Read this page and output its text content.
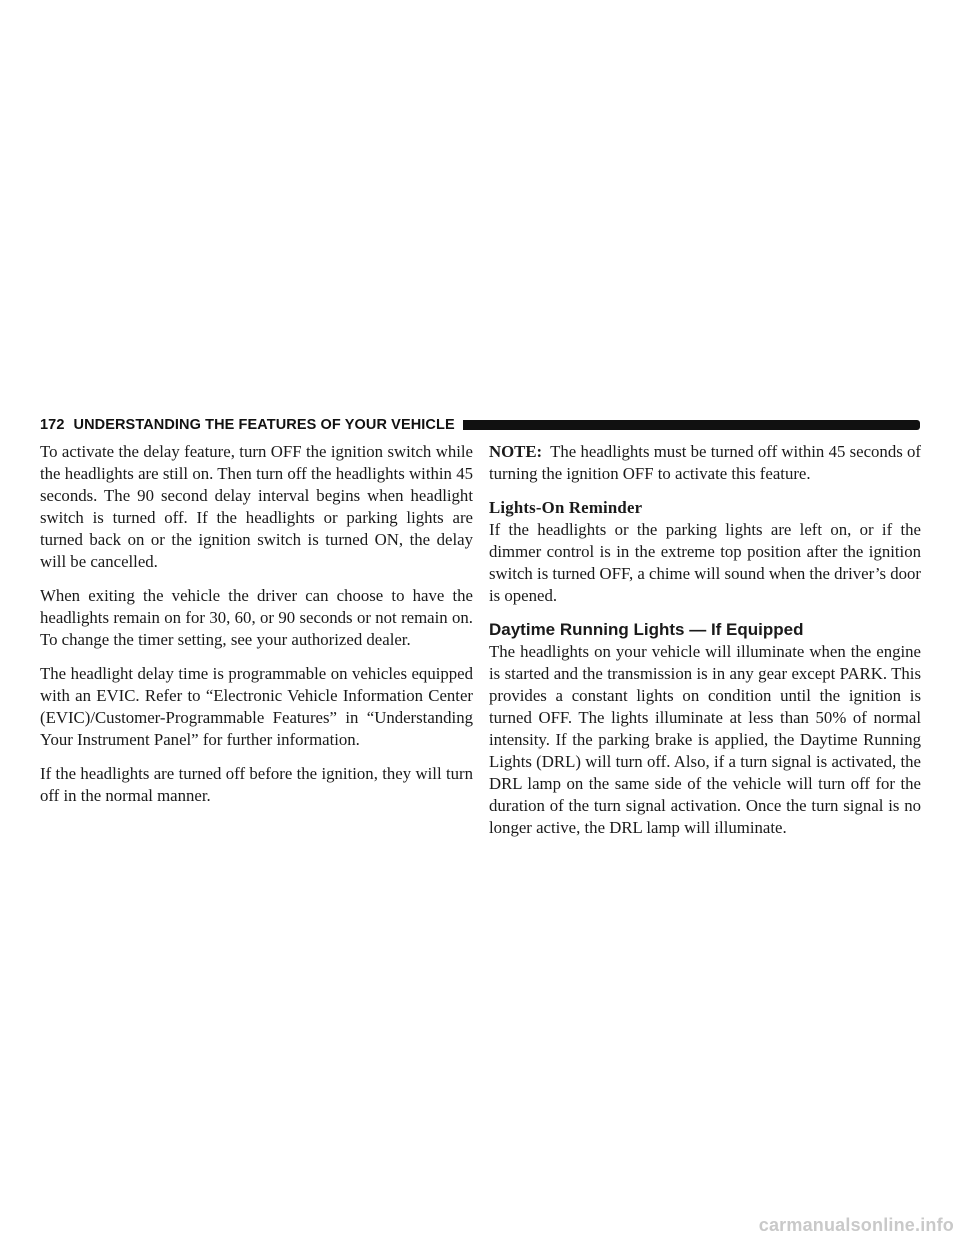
172 UNDERSTANDING THE FEATURES OF YOUR VEHICLE

To activate the delay feature, turn OFF the ignition switch while the headlights are still on. Then turn off the headlights within 45 seconds. The 90 second delay interval begins when headlight switch is turned off. If the headlights or parking lights are turned back on or the ignition switch is turned ON, the delay will be cancelled.

When exiting the vehicle the driver can choose to have the headlights remain on for 30, 60, or 90 seconds or not remain on. To change the timer setting, see your authorized dealer.

The headlight delay time is programmable on vehicles equipped with an EVIC. Refer to “Electronic Vehicle Information Center (EVIC)/Customer-Programmable Features” in “Understanding Your Instrument Panel” for further information.

If the headlights are turned off before the ignition, they will turn off in the normal manner.

NOTE: The headlights must be turned off within 45 seconds of turning the ignition OFF to activate this feature.

Lights-On Reminder

If the headlights or the parking lights are left on, or if the dimmer control is in the extreme top position after the ignition switch is turned OFF, a chime will sound when the driver’s door is opened.

Daytime Running Lights — If Equipped

The headlights on your vehicle will illuminate when the engine is started and the transmission is in any gear except PARK. This provides a constant lights on condition until the ignition is turned OFF. The lights illuminate at less than 50% of normal intensity. If the parking brake is applied, the Daytime Running Lights (DRL) will turn off. Also, if a turn signal is activated, the DRL lamp on the same side of the vehicle will turn off for the duration of the turn signal activation. Once the turn signal is no longer active, the DRL lamp will illuminate.

carmanualsonline.info
